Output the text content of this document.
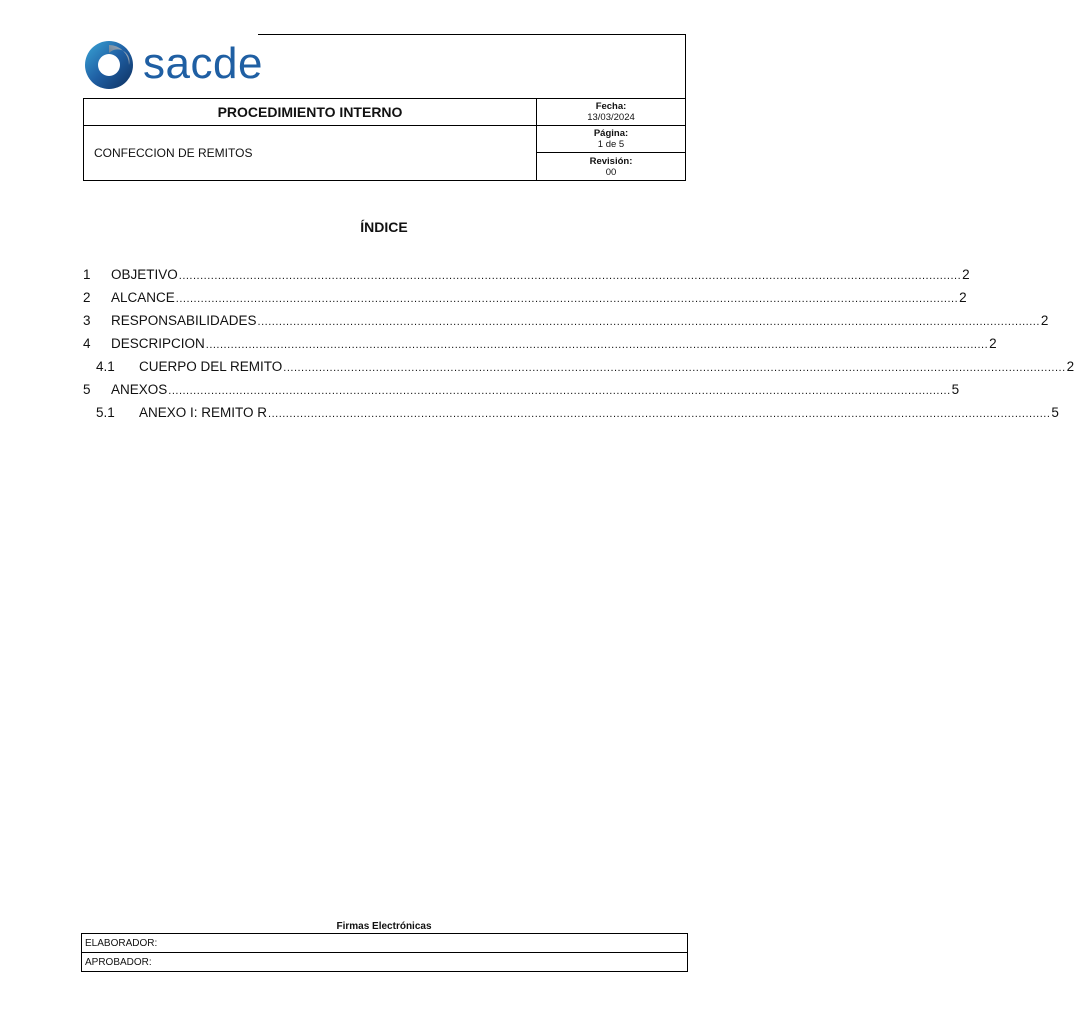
sacde
PROCEDIMIENTO INTERNO
CONFECCION DE REMITOS
Fecha:
13/03/2024
Página:
1 de 5
Revisión:
00
ÍNDICE
1	OBJETIVO ............................................................................................................................................................................................................................ 2
2	ALCANCE ............................................................................................................................................................................................................................ 2
3	RESPONSABILIDADES ............................................................................................................................................................................................................................ 2
4	DESCRIPCION ............................................................................................................................................................................................................................ 2
4.1	CUERPO DEL REMITO ............................................................................................................................................................................................................................ 2
5	ANEXOS ............................................................................................................................................................................................................................ 5
5.1	ANEXO I: REMITO R ............................................................................................................................................................................................................................ 5
Firmas Electrónicas
ELABORADOR:
APROBADOR:
